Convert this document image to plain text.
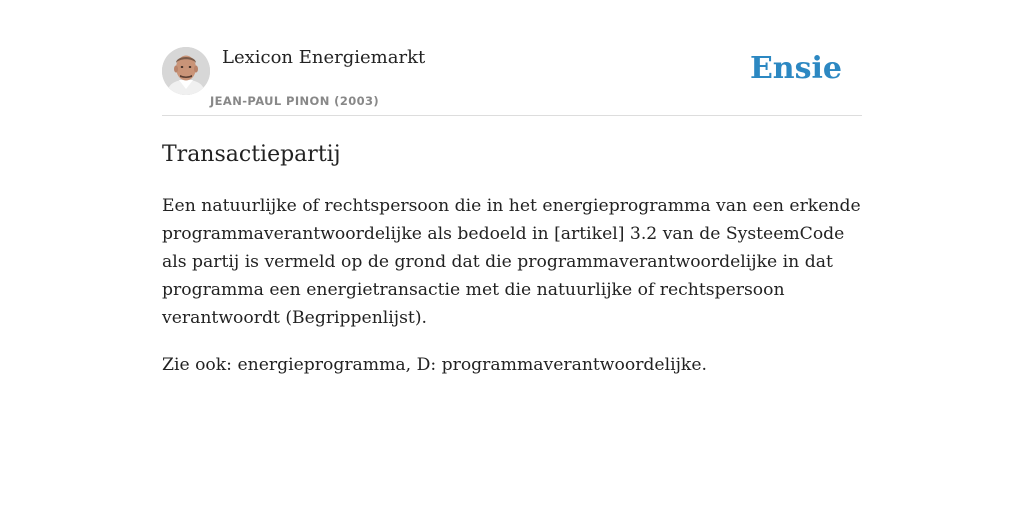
Lexicon Energiemarkt
JEAN-PAUL PINON (2003)
Ensie
Transactiepartij

Een natuurlijke of rechtspersoon die in het energieprogramma van een erkende programmaverantwoordelijke als bedoeld in [artikel] 3.2 van de SysteemCode als partij is vermeld op de grond dat die programmaverantwoordelijke in dat programma een energietransactie met die natuurlijke of rechtspersoon verantwoordt (Begrippenlijst).

Zie ook: energieprogramma, D: programmaverantwoordelijke.
